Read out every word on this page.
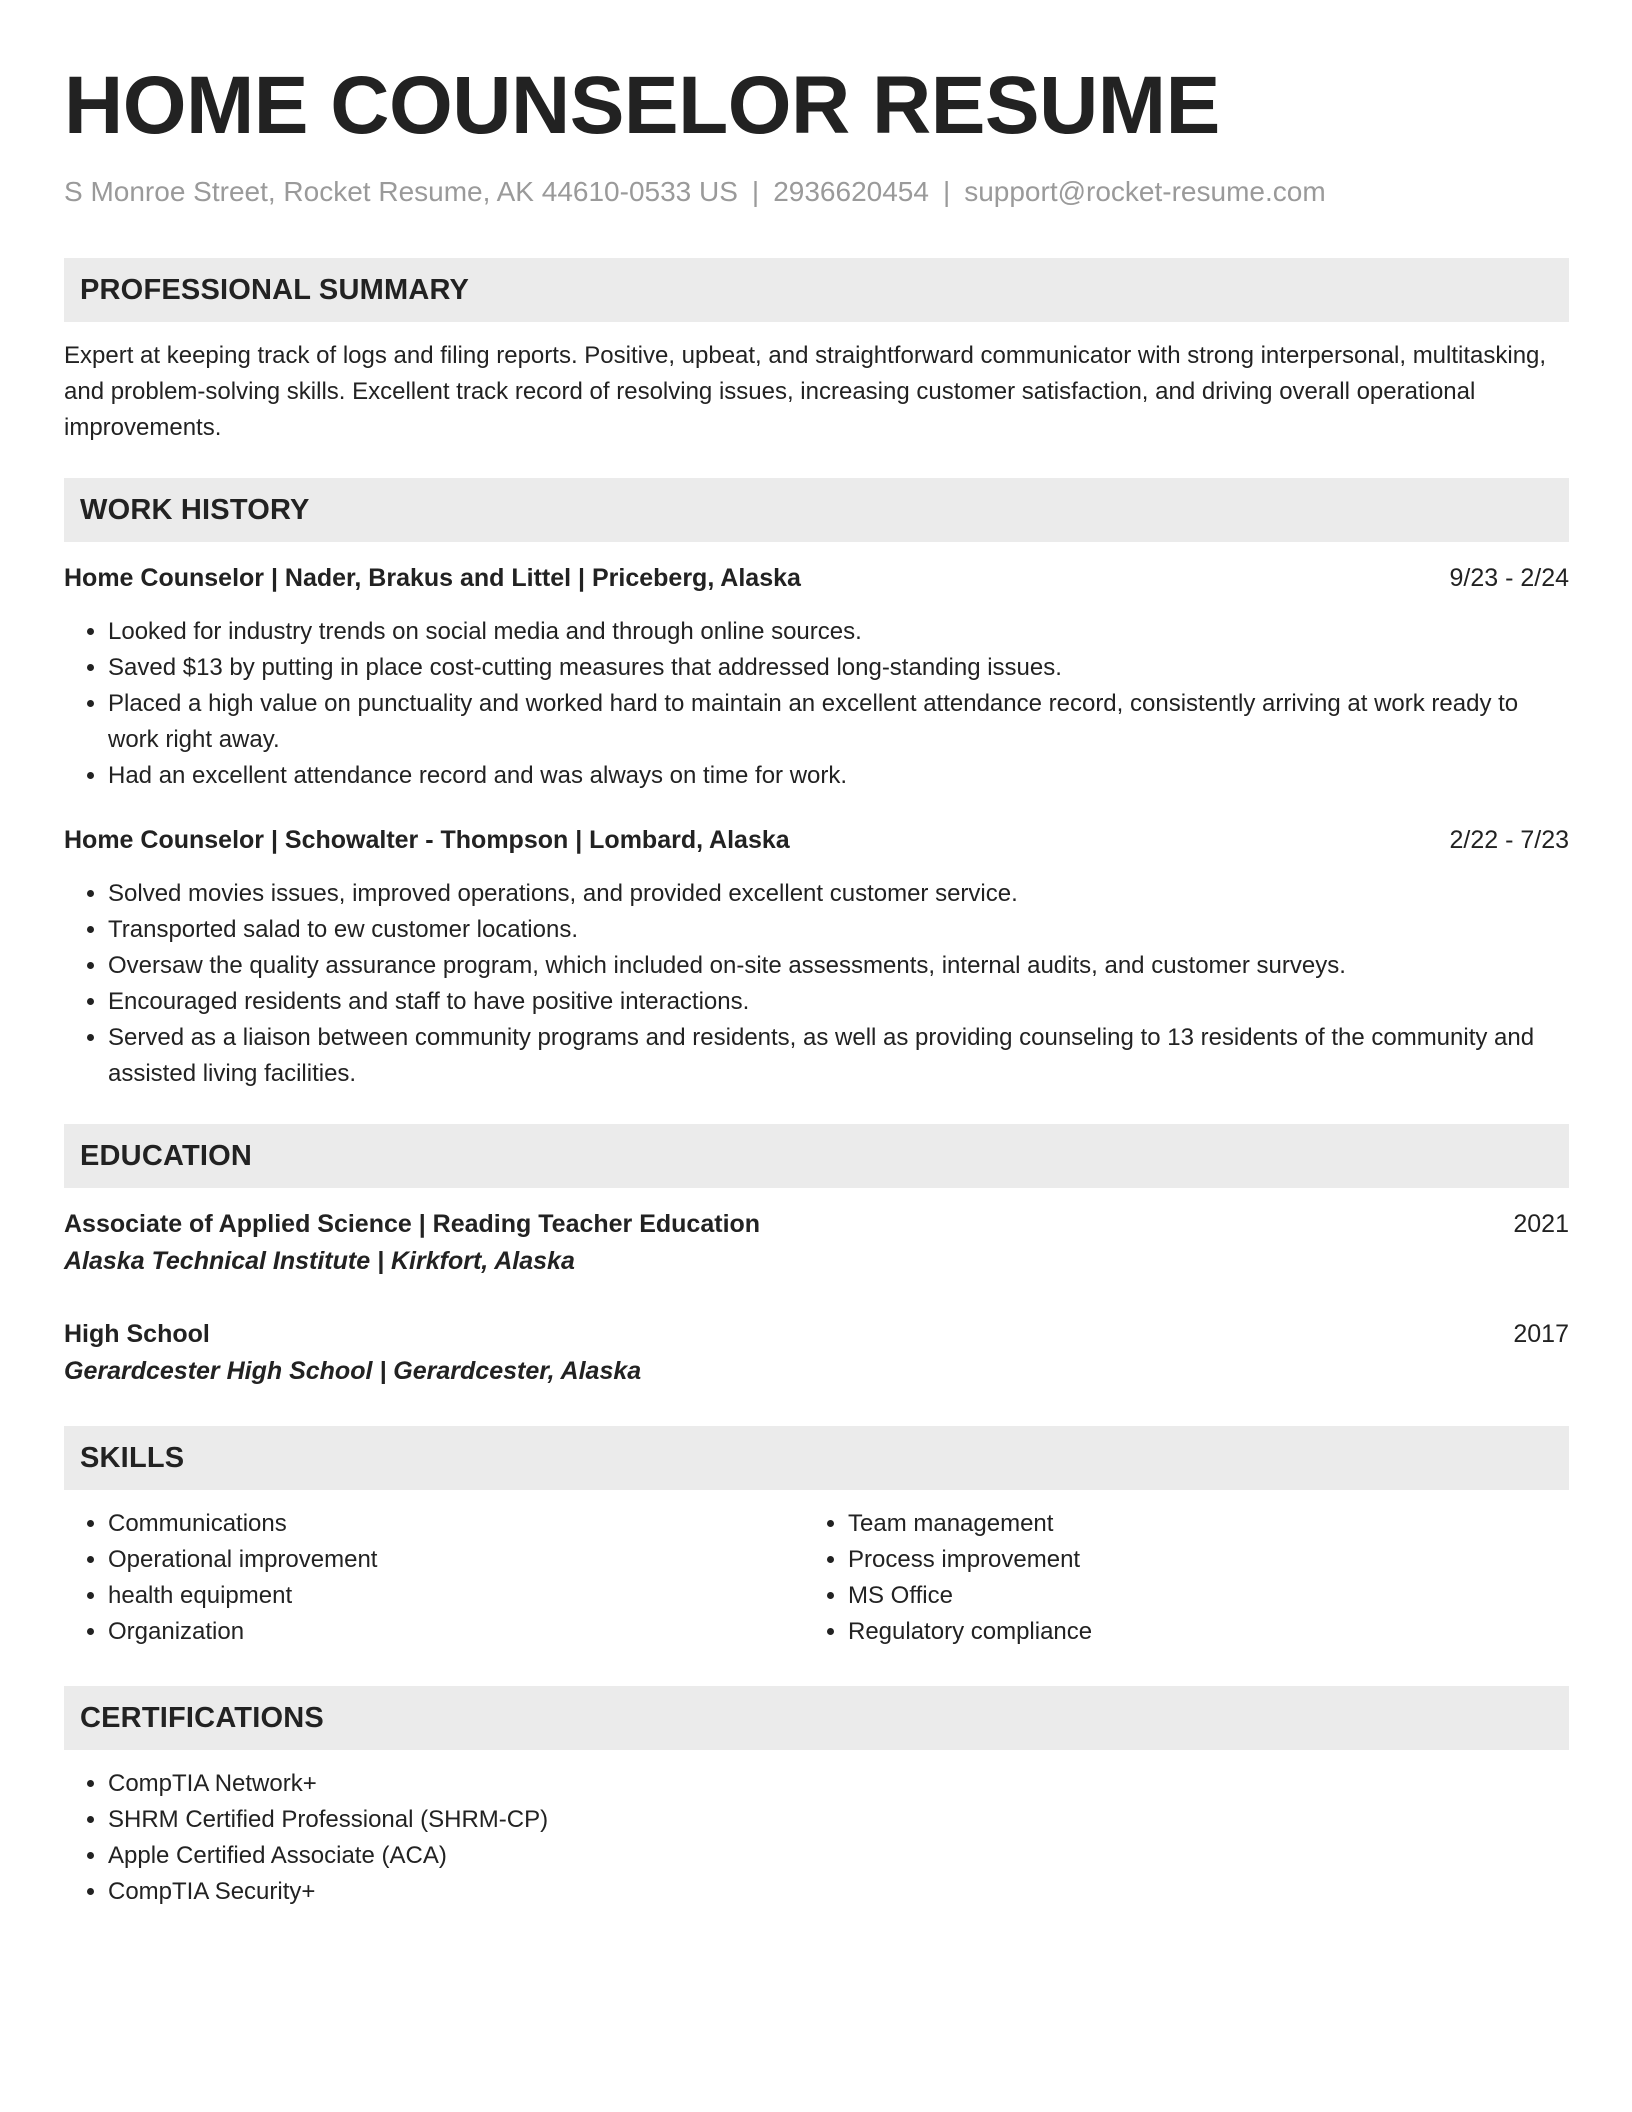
HOME COUNSELOR RESUME
S Monroe Street, Rocket Resume, AK 44610-0533 US | 2936620454 | support@rocket-resume.com
PROFESSIONAL SUMMARY
Expert at keeping track of logs and filing reports. Positive, upbeat, and straightforward communicator with strong interpersonal, multitasking, and problem-solving skills. Excellent track record of resolving issues, increasing customer satisfaction, and driving overall operational improvements.
WORK HISTORY
Home Counselor | Nader, Brakus and Littel | Priceberg, Alaska	9/23 - 2/24
• Looked for industry trends on social media and through online sources.
• Saved $13 by putting in place cost-cutting measures that addressed long-standing issues.
• Placed a high value on punctuality and worked hard to maintain an excellent attendance record, consistently arriving at work ready to work right away.
• Had an excellent attendance record and was always on time for work.
Home Counselor | Schowalter - Thompson | Lombard, Alaska	2/22 - 7/23
• Solved movies issues, improved operations, and provided excellent customer service.
• Transported salad to ew customer locations.
• Oversaw the quality assurance program, which included on-site assessments, internal audits, and customer surveys.
• Encouraged residents and staff to have positive interactions.
• Served as a liaison between community programs and residents, as well as providing counseling to 13 residents of the community and assisted living facilities.
EDUCATION
Associate of Applied Science | Reading Teacher Education	2021
Alaska Technical Institute | Kirkfort, Alaska
High School	2017
Gerardcester High School | Gerardcester, Alaska
SKILLS
• Communications
• Operational improvement
• health equipment
• Organization
• Team management
• Process improvement
• MS Office
• Regulatory compliance
CERTIFICATIONS
• CompTIA Network+
• SHRM Certified Professional (SHRM-CP)
• Apple Certified Associate (ACA)
• CompTIA Security+
